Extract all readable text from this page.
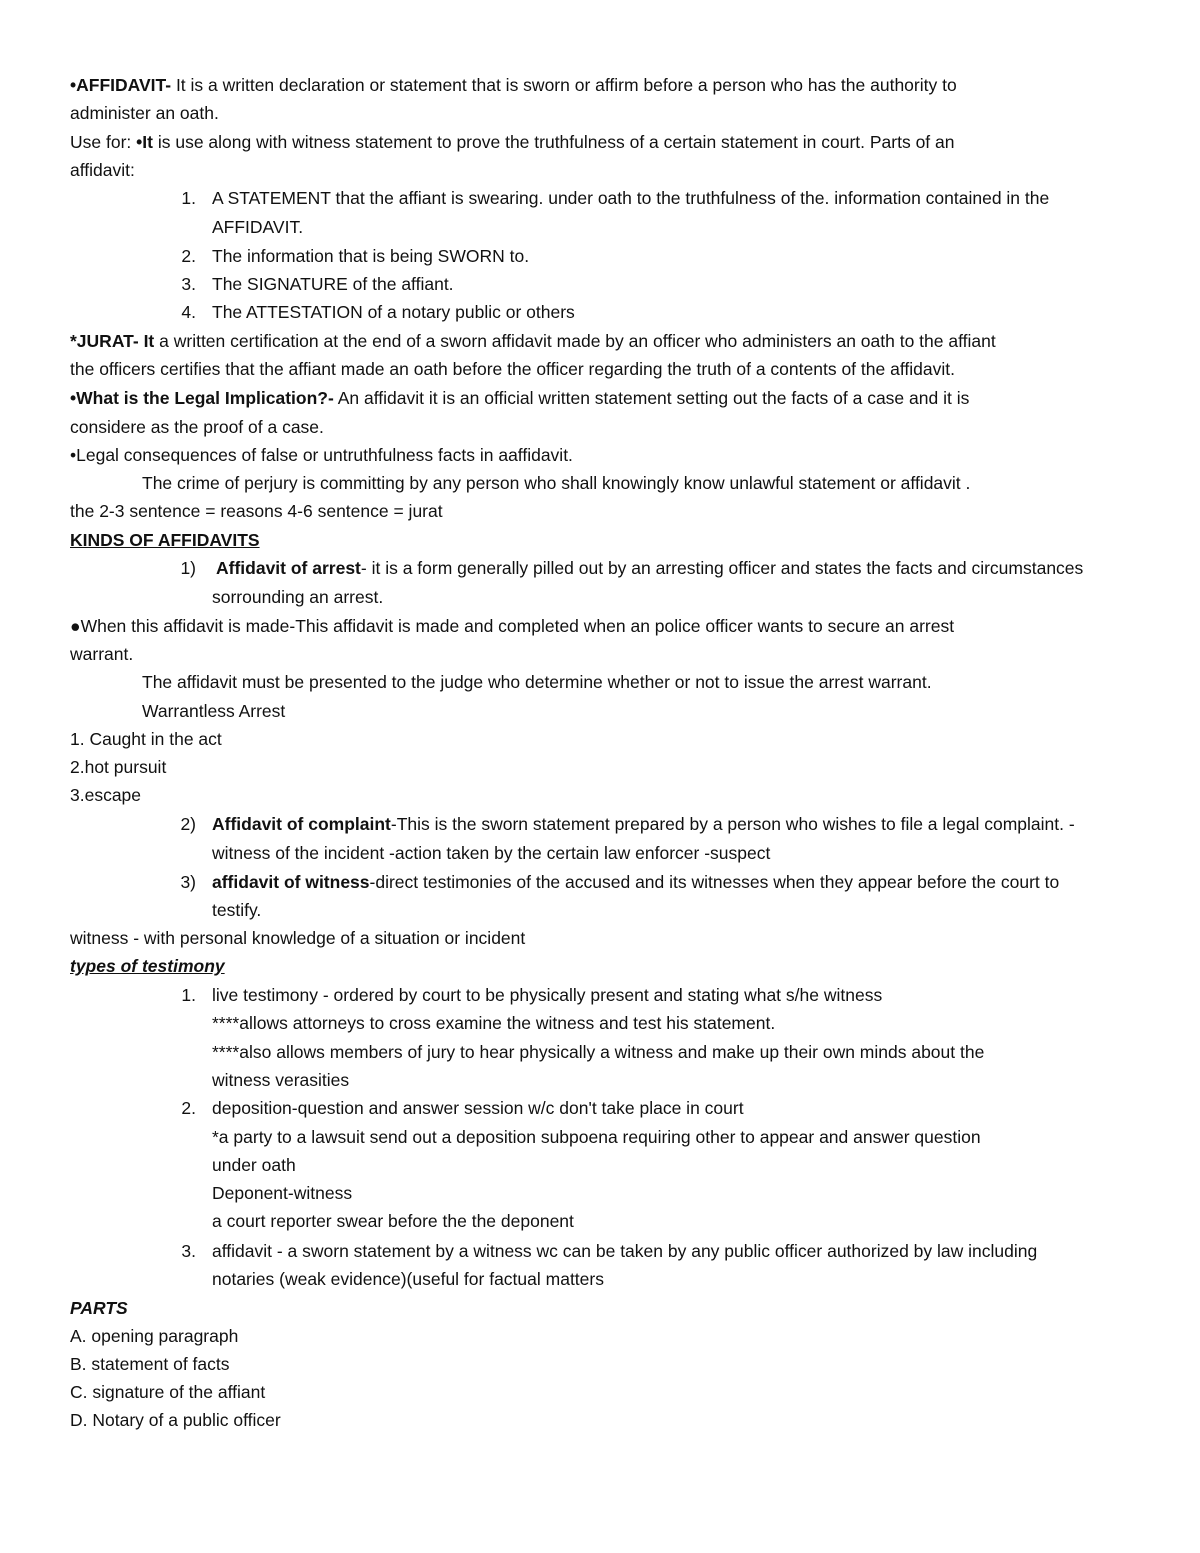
•AFFIDAVIT- It is a written declaration or statement that is sworn or affirm before a person who has the authority to
administer an oath.
Use for: •It is use along with witness statement to prove the truthfulness of a certain statement in court. Parts of an
affidavit:
1. A STATEMENT that the affiant is swearing. under oath to the truthfulness of the. information contained in the
AFFIDAVIT.
2. The information that is being SWORN to.
3. The SIGNATURE of the affiant.
4. The ATTESTATION of a notary public or others
*JURAT- It a written certification at the end of a sworn affidavit made by an officer who administers an oath to the affiant
the officers certifies that the affiant made an oath before the officer regarding the truth of a contents of the affidavit.
•What is the Legal Implication?- An affidavit it is an official written statement setting out the facts of a case and it is
considere as the proof of a case.
•Legal consequences of false or untruthfulness facts in aaffidavit.
The crime of perjury is committing by any person who shall knowingly know unlawful statement or affidavit .
the 2-3 sentence = reasons 4-6 sentence = jurat
KINDS OF AFFIDAVITS
1) Affidavit of arrest- it is a form generally pilled out by an arresting officer and states the facts and circumstances
sorrounding an arrest.
●When this affidavit is made-This affidavit is made and completed when an police officer wants to secure an arrest
warrant.
The affidavit must be presented to the judge who determine whether or not to issue the arrest warrant.
Warrantless Arrest
1. Caught in the act
2.hot pursuit
3.escape
2) Affidavit of complaint-This is the sworn statement prepared by a person who wishes to file a legal complaint. -
witness of the incident -action taken by the certain law enforcer -suspect
3) affidavit of witness-direct testimonies of the accused and its witnesses when they appear before the court to
testify.
witness - with personal knowledge of a situation or incident
types of testimony
1. live testimony - ordered by court to be physically present and stating what s/he witness
****allows attorneys to cross examine the witness and test his statement.
****also allows members of jury to hear physically a witness and make up their own minds about the
witness verasities
2. deposition-question and answer session w/c don't take place in court
*a party to a lawsuit send out a deposition subpoena requiring other to appear and answer question
under oath
Deponent-witness
a court reporter swear before the the deponent
3. affidavit - a sworn statement by a witness wc can be taken by any public officer authorized by law including
notaries (weak evidence)(useful for factual matters
PARTS
A. opening paragraph
B. statement of facts
C. signature of the affiant
D. Notary of a public officer
